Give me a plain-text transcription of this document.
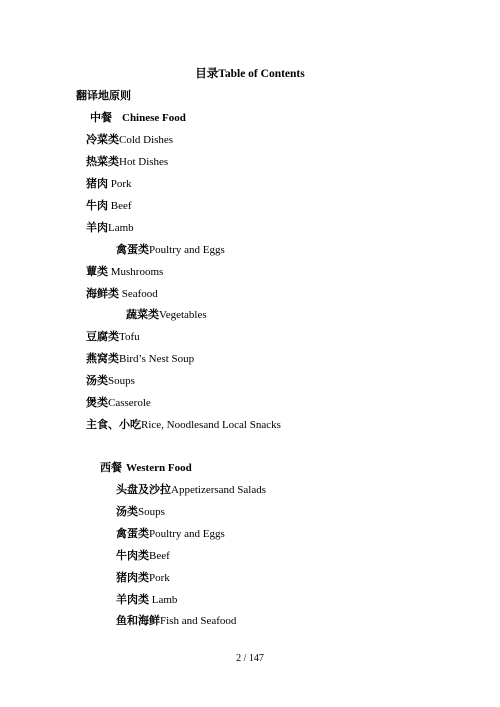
目录Table of Contents
翻译地原则
中餐 Chinese Food
冷菜类Cold Dishes
热菜类Hot Dishes
猪肉 Pork
牛肉 Beef
羊肉Lamb
禽蛋类Poultry and Eggs
蕈类 Mushrooms
海鲜类 Seafood
蔬菜类Vegetables
豆腐类Tofu
燕窝类Bird’s Nest Soup
汤类Soups
煲类Casserole
主食、小吃Rice, Noodlesand Local Snacks
西餐 Western Food
头盘及沙拉Appetizersand Salads
汤类Soups
禽蛋类Poultry and Eggs
牛肉类Beef
猪肉类Pork
羊肉类 Lamb
鱼和海鲜Fish and Seafood
2 / 147
